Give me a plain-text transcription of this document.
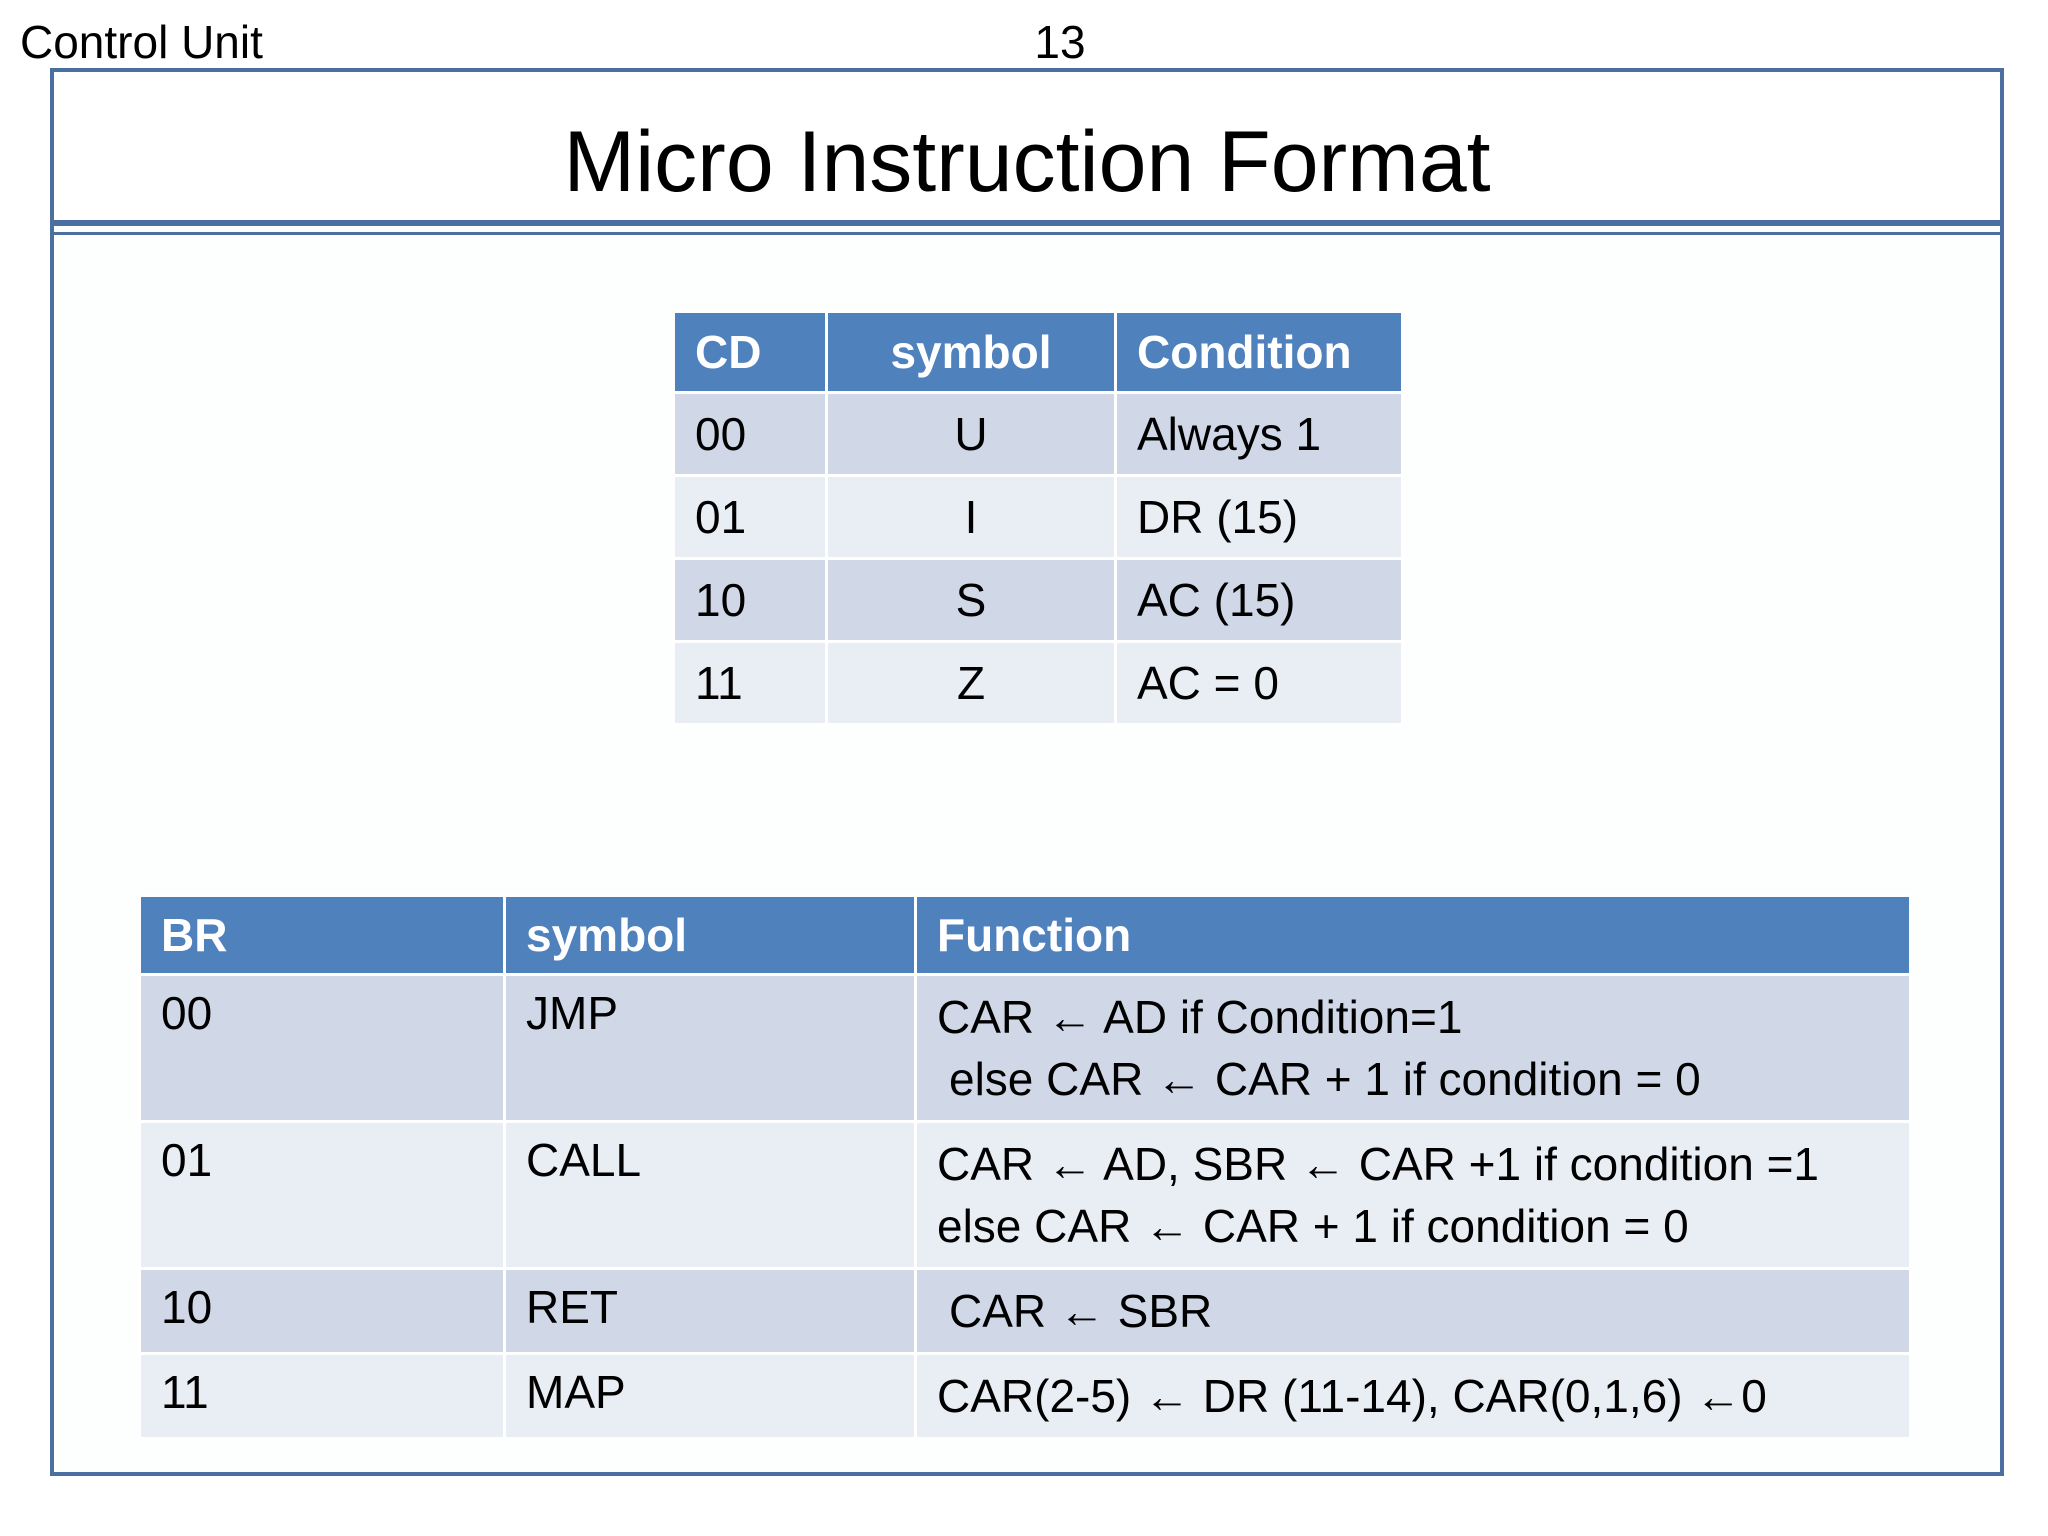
Control Unit	13
Micro Instruction Format
CD	symbol	Condition
00	U	Always 1
01	I	DR (15)
10	S	AC (15)
11	Z	AC = 0
BR	symbol	Function
00	JMP	CAR ← AD if Condition=1
else CAR ← CAR + 1 if condition = 0

01	CALL	CAR ← AD, SBR ← CAR +1 if condition =1
else CAR ← CAR + 1 if condition = 0

10	RET	CAR ← SBR

11	MAP	CAR(2-5) ← DR (11-14), CAR(0,1,6) ←0
